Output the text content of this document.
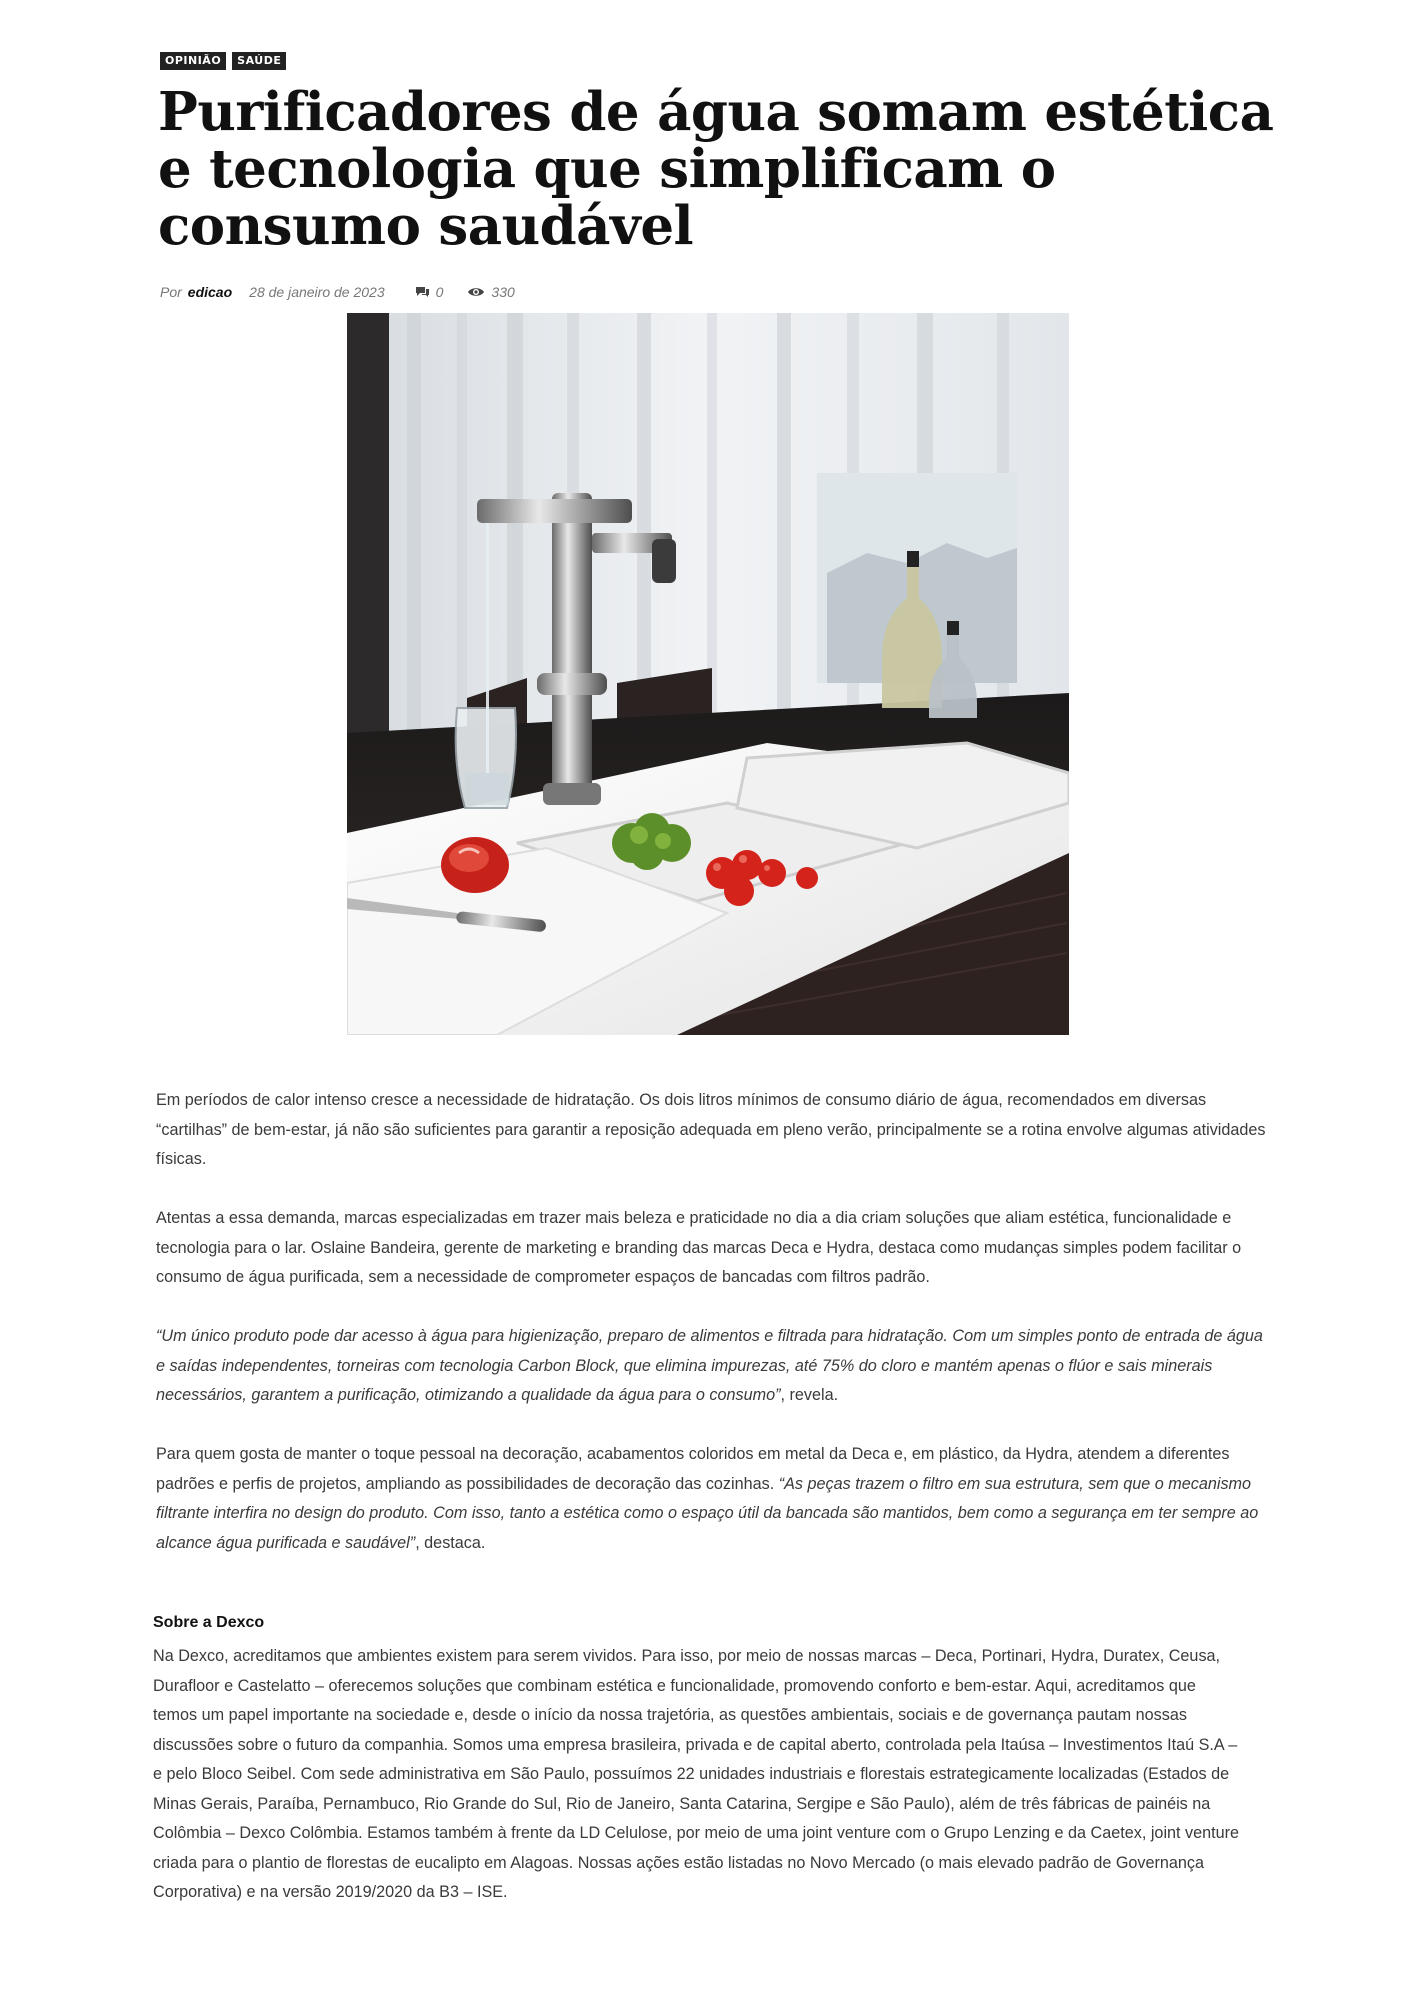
OPINIÃO	SAÚDE
Purificadores de água somam estética e tecnologia que simplificam o consumo saudável
Por edicao 28 de janeiro de 2023	0	330

Em períodos de calor intenso cresce a necessidade de hidratação. Os dois litros mínimos de consumo diário de água, recomendados em diversas “cartilhas” de bem-estar, já não são suficientes para garantir a reposição adequada em pleno verão, principalmente se a rotina envolve algumas atividades físicas.

Atentas a essa demanda, marcas especializadas em trazer mais beleza e praticidade no dia a dia criam soluções que aliam estética, funcionalidade e tecnologia para o lar. Oslaine Bandeira, gerente de marketing e branding das marcas Deca e Hydra, destaca como mudanças simples podem facilitar o consumo de água purificada, sem a necessidade de comprometer espaços de bancadas com filtros padrão.

“Um único produto pode dar acesso à água para higienização, preparo de alimentos e filtrada para hidratação. Com um simples ponto de entrada de água e saídas independentes, torneiras com tecnologia Carbon Block, que elimina impurezas, até 75% do cloro e mantém apenas o flúor e sais minerais necessários, garantem a purificação, otimizando a qualidade da água para o consumo”, revela.

Para quem gosta de manter o toque pessoal na decoração, acabamentos coloridos em metal da Deca e, em plástico, da Hydra, atendem a diferentes padrões e perfis de projetos, ampliando as possibilidades de decoração das cozinhas. “As peças trazem o filtro em sua estrutura, sem que o mecanismo filtrante interfira no design do produto. Com isso, tanto a estética como o espaço útil da bancada são mantidos, bem como a segurança em ter sempre ao alcance água purificada e saudável”, destaca.

Sobre a Dexco

Na Dexco, acreditamos que ambientes existem para serem vividos. Para isso, por meio de nossas marcas – Deca, Portinari, Hydra, Duratex, Ceusa, Durafloor e Castelatto – oferecemos soluções que combinam estética e funcionalidade, promovendo conforto e bem-estar. Aqui, acreditamos que temos um papel importante na sociedade e, desde o início da nossa trajetória, as questões ambientais, sociais e de governança pautam nossas discussões sobre o futuro da companhia. Somos uma empresa brasileira, privada e de capital aberto, controlada pela Itaúsa – Investimentos Itaú S.A – e pelo Bloco Seibel. Com sede administrativa em São Paulo, possuímos 22 unidades industriais e florestais estrategicamente localizadas (Estados de Minas Gerais, Paraíba, Pernambuco, Rio Grande do Sul, Rio de Janeiro, Santa Catarina, Sergipe e São Paulo), além de três fábricas de painéis na Colômbia – Dexco Colômbia. Estamos também à frente da LD Celulose, por meio de uma joint venture com o Grupo Lenzing e da Caetex, joint venture criada para o plantio de florestas de eucalipto em Alagoas. Nossas ações estão listadas no Novo Mercado (o mais elevado padrão de Governança Corporativa) e na versão 2019/2020 da B3 – ISE.
